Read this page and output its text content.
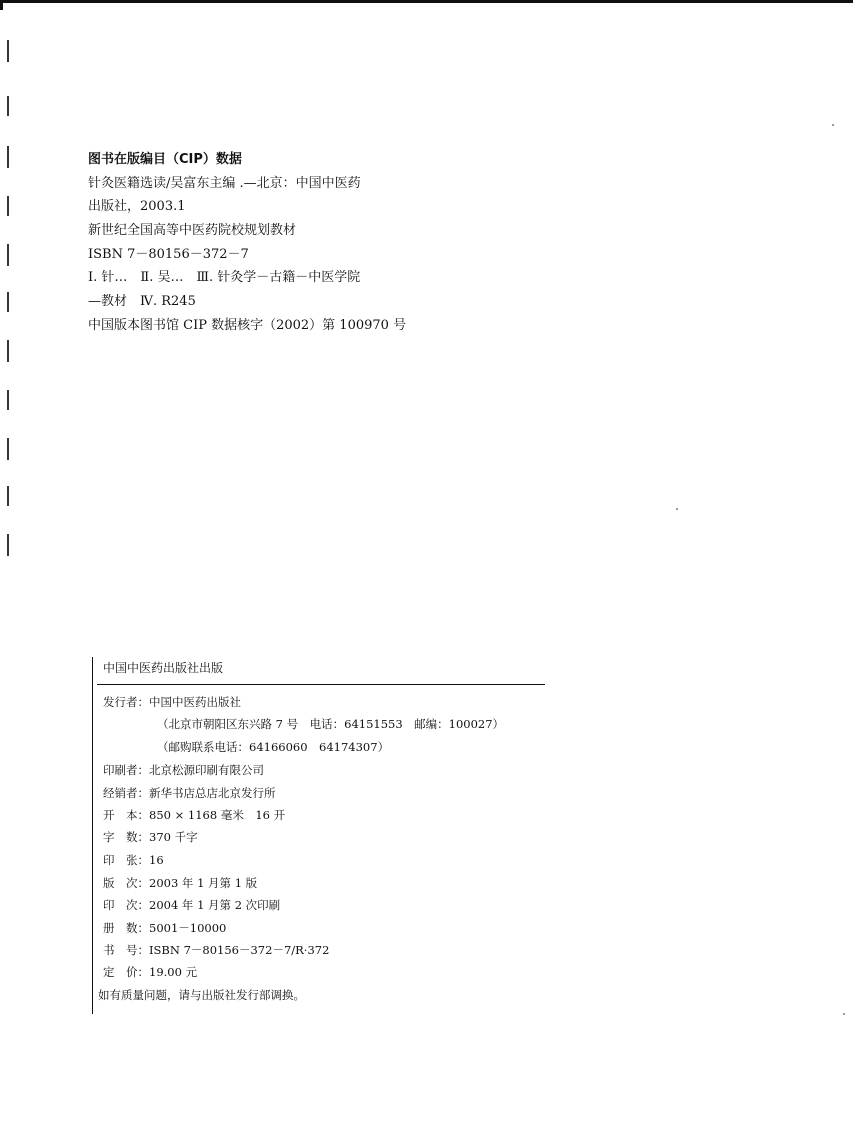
图书在版编目（CIP）数据
针灸医籍选读/吴富东主编 .—北京：中国中医药
出版社，2003.1
新世纪全国高等中医药院校规划教材
ISBN 7－80156－372－7
Ⅰ. 针…　Ⅱ. 吴…　Ⅲ. 针灸学－古籍－中医学院
—教材　Ⅳ. R245
中国版本图书馆 CIP 数据核字（2002）第 100970 号
中国中医药出版社出版
发行者：中国中医药出版社
（北京市朝阳区东兴路 7 号　电话：64151553　邮编：100027）
（邮购联系电话：64166060　64174307）
印刷者：北京松源印刷有限公司
经销者：新华书店总店北京发行所
开　本：850 × 1168 毫米　16 开
字　数：370 千字
印　张：16
版　次：2003 年 1 月第 1 版
印　次：2004 年 1 月第 2 次印刷
册　数：5001－10000
书　号：ISBN 7－80156－372－7/R·372
定　价：19.00 元
如有质量问题，请与出版社发行部调换。
